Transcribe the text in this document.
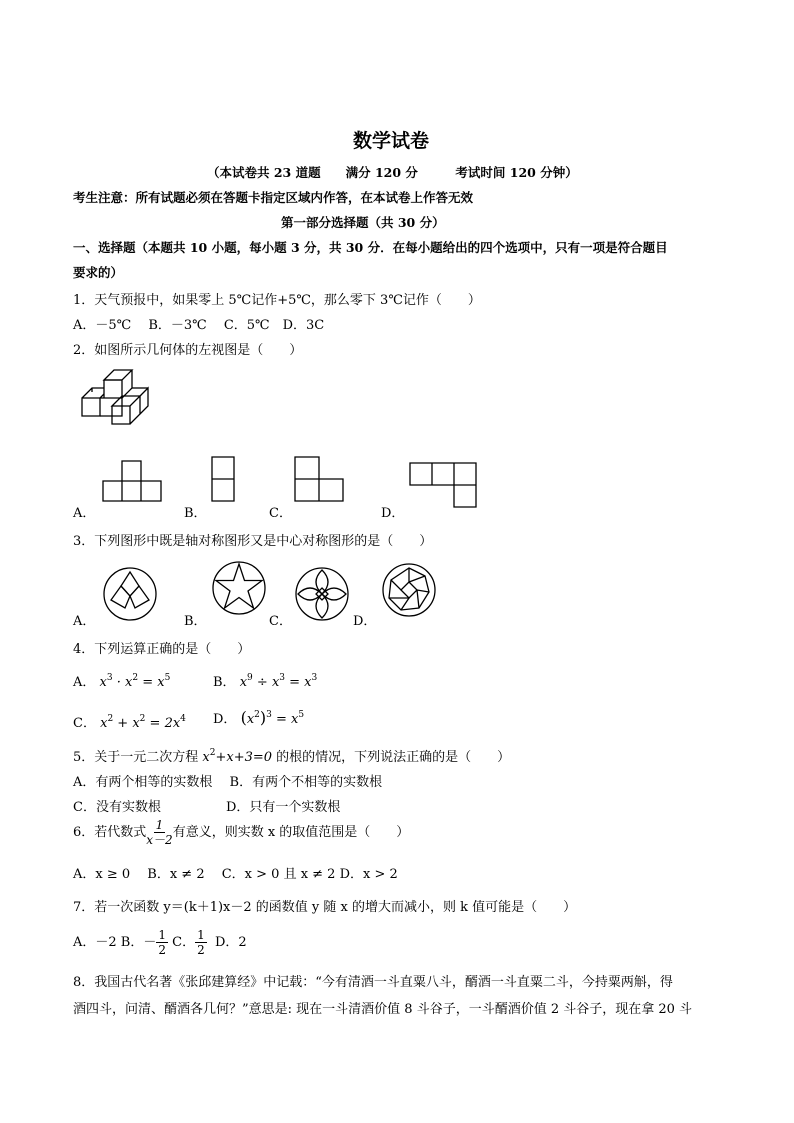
数学试卷
（本试卷共 23 道题　　满分 120 分　　　考试时间 120 分钟）
考生注意：所有试题必须在答题卡指定区域内作答，在本试卷上作答无效
第一部分选择题（共 30 分）
一、选择题（本题共 10 小题，每小题 3 分，共 30 分．在每小题给出的四个选项中，只有一项是符合题目
要求的）
1．天气预报中，如果零上 5℃记作+5℃，那么零下 3℃记作（　　）
A．－5℃　 B．－3℃　 C．5℃　D．3C
2．如图所示几何体的左视图是（　　）
A．	B．	C．	D．
3．下列图形中既是轴对称图形又是中心对称图形的是（　　）
A．	B．	C．	D．
4．下列运算正确的是（　　）
A． $x^3 \cdot x^2 = x^5$	B． $x^9 \div x^3 = x^3$
C． $x^2 + x^2 = 2x^4$ D． $(x^2)^3 = x^5$
5．关于一元二次方程 $x^2+x+3=0$ 的根的情况，下列说法正确的是（　　）
A．有两个相等的实数根　 B．有两个不相等的实数根
C．没有实数根　　　　　D．只有一个实数根
6．若代数式 $\frac{1}{x-2}$ 有意义，则实数 x 的取值范围是（　　）
A．x ≥ 0　 B．x ≠ 2　 C．x > 0 且 x ≠ 2 D．x > 2
7．若一次函数 y＝(k＋1)x－2 的函数值 y 随 x 的增大而减小，则 k 值可能是（　　）
A．－2 B．－ $\frac{1}{2}$ C． $\frac{1}{2}$ D．2
8．我国古代名著《张邱建算经》中记载：“今有清酒一斗直粟八斗，醑酒一斗直粟二斗，今持粟两斛，得
酒四斗，问清、醑酒各几何？”意思是: 现在一斗清酒价值 8 斗谷子，一斗醑酒价值 2 斗谷子，现在拿 20 斗
